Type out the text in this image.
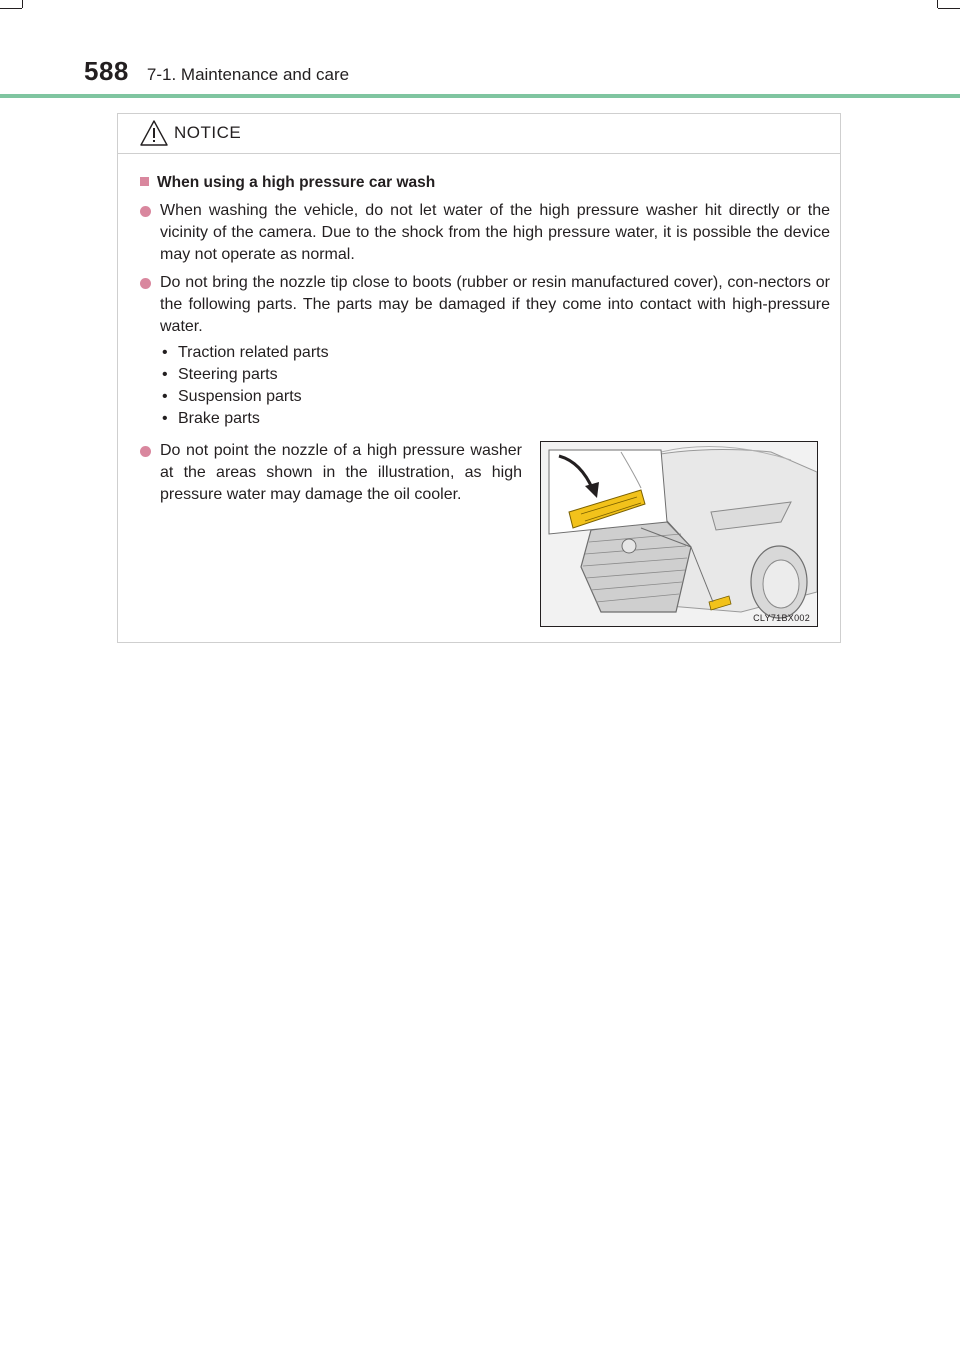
588 7-1. Maintenance and care
NOTICE
When using a high pressure car wash
When washing the vehicle, do not let water of the high pressure washer hit directly or the vicinity of the camera. Due to the shock from the high pressure water, it is possible the device may not operate as normal.
Do not bring the nozzle tip close to boots (rubber or resin manufactured cover), con-nectors or the following parts. The parts may be damaged if they come into contact with high-pressure water.
• Traction related parts
• Steering parts
• Suspension parts
• Brake parts
Do not point the nozzle of a high pressure washer at the areas shown in the illustration, as high pressure water may damage the oil cooler.
CLY71BX002
